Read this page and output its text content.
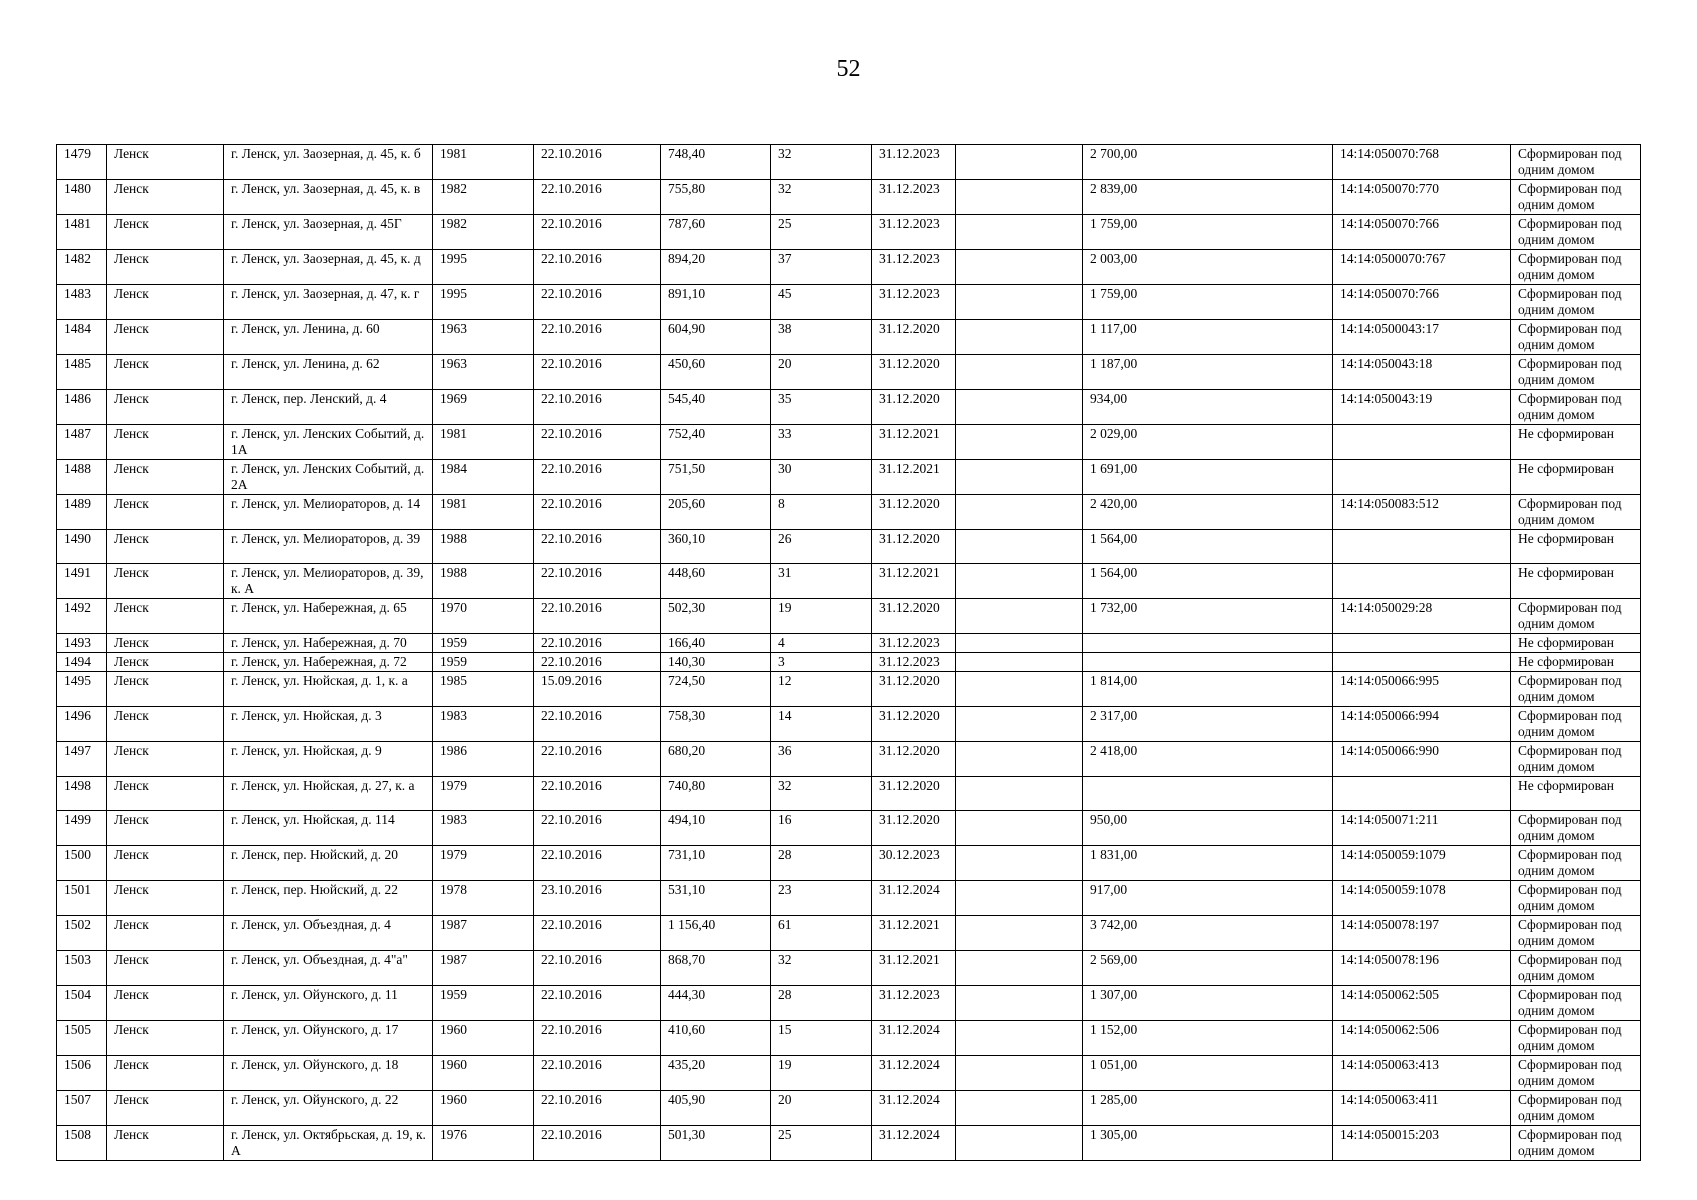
52
1479	Ленск	г. Ленск, ул. Заозерная, д. 45, к. б	1981	22.10.2016	748,40	32	31.12.2023		2 700,00	14:14:050070:768	Сформирован под одним домом
1480	Ленск	г. Ленск, ул. Заозерная, д. 45, к. в	1982	22.10.2016	755,80	32	31.12.2023		2 839,00	14:14:050070:770	Сформирован под одним домом
1481	Ленск	г. Ленск, ул. Заозерная, д. 45Г	1982	22.10.2016	787,60	25	31.12.2023		1 759,00	14:14:050070:766	Сформирован под одним домом
1482	Ленск	г. Ленск, ул. Заозерная, д. 45, к. д	1995	22.10.2016	894,20	37	31.12.2023		2 003,00	14:14:0500070:767	Сформирован под одним домом
1483	Ленск	г. Ленск, ул. Заозерная, д. 47, к. г	1995	22.10.2016	891,10	45	31.12.2023		1 759,00	14:14:050070:766	Сформирован под одним домом
1484	Ленск	г. Ленск, ул. Ленина, д. 60	1963	22.10.2016	604,90	38	31.12.2020		1 117,00	14:14:0500043:17	Сформирован под одним домом
1485	Ленск	г. Ленск, ул. Ленина, д. 62	1963	22.10.2016	450,60	20	31.12.2020		1 187,00	14:14:050043:18	Сформирован под одним домом
1486	Ленск	г. Ленск, пер. Ленский, д. 4	1969	22.10.2016	545,40	35	31.12.2020		934,00	14:14:050043:19	Сформирован под одним домом
1487	Ленск	г. Ленск, ул. Ленских Событий, д. 1А	1981	22.10.2016	752,40	33	31.12.2021		2 029,00		Не сформирован
1488	Ленск	г. Ленск, ул. Ленских Событий, д. 2А	1984	22.10.2016	751,50	30	31.12.2021		1 691,00		Не сформирован
1489	Ленск	г. Ленск, ул. Мелиораторов, д. 14	1981	22.10.2016	205,60	8	31.12.2020		2 420,00	14:14:050083:512	Сформирован под одним домом
1490	Ленск	г. Ленск, ул. Мелиораторов, д. 39	1988	22.10.2016	360,10	26	31.12.2020		1 564,00		Не сформирован
1491	Ленск	г. Ленск, ул. Мелиораторов, д. 39, к. А	1988	22.10.2016	448,60	31	31.12.2021		1 564,00		Не сформирован
1492	Ленск	г. Ленск, ул. Набережная, д. 65	1970	22.10.2016	502,30	19	31.12.2020		1 732,00	14:14:050029:28	Сформирован под одним домом
1493	Ленск	г. Ленск, ул. Набережная, д. 70	1959	22.10.2016	166,40	4	31.12.2023				Не сформирован
1494	Ленск	г. Ленск, ул. Набережная, д. 72	1959	22.10.2016	140,30	3	31.12.2023				Не сформирован
1495	Ленск	г. Ленск, ул. Нюйская, д. 1, к. а	1985	15.09.2016	724,50	12	31.12.2020		1 814,00	14:14:050066:995	Сформирован под одним домом
1496	Ленск	г. Ленск, ул. Нюйская, д. 3	1983	22.10.2016	758,30	14	31.12.2020		2 317,00	14:14:050066:994	Сформирован под одним домом
1497	Ленск	г. Ленск, ул. Нюйская, д. 9	1986	22.10.2016	680,20	36	31.12.2020		2 418,00	14:14:050066:990	Сформирован под одним домом
1498	Ленск	г. Ленск, ул. Нюйская, д. 27, к. а	1979	22.10.2016	740,80	32	31.12.2020				Не сформирован
1499	Ленск	г. Ленск, ул. Нюйская, д. 114	1983	22.10.2016	494,10	16	31.12.2020		950,00	14:14:050071:211	Сформирован под одним домом
1500	Ленск	г. Ленск, пер. Нюйский, д. 20	1979	22.10.2016	731,10	28	30.12.2023		1 831,00	14:14:050059:1079	Сформирован под одним домом
1501	Ленск	г. Ленск, пер. Нюйский, д. 22	1978	23.10.2016	531,10	23	31.12.2024		917,00	14:14:050059:1078	Сформирован под одним домом
1502	Ленск	г. Ленск, ул. Объездная, д. 4	1987	22.10.2016	1 156,40	61	31.12.2021		3 742,00	14:14:050078:197	Сформирован под одним домом
1503	Ленск	г. Ленск, ул. Объездная, д. 4"а"	1987	22.10.2016	868,70	32	31.12.2021		2 569,00	14:14:050078:196	Сформирован под одним домом
1504	Ленск	г. Ленск, ул. Ойунского, д. 11	1959	22.10.2016	444,30	28	31.12.2023		1 307,00	14:14:050062:505	Сформирован под одним домом
1505	Ленск	г. Ленск, ул. Ойунского, д. 17	1960	22.10.2016	410,60	15	31.12.2024		1 152,00	14:14:050062:506	Сформирован под одним домом
1506	Ленск	г. Ленск, ул. Ойунского, д. 18	1960	22.10.2016	435,20	19	31.12.2024		1 051,00	14:14:050063:413	Сформирован под одним домом
1507	Ленск	г. Ленск, ул. Ойунского, д. 22	1960	22.10.2016	405,90	20	31.12.2024		1 285,00	14:14:050063:411	Сформирован под одним домом
1508	Ленск	г. Ленск, ул. Октябрьская, д. 19, к. А	1976	22.10.2016	501,30	25	31.12.2024		1 305,00	14:14:050015:203	Сформирован под одним домом
